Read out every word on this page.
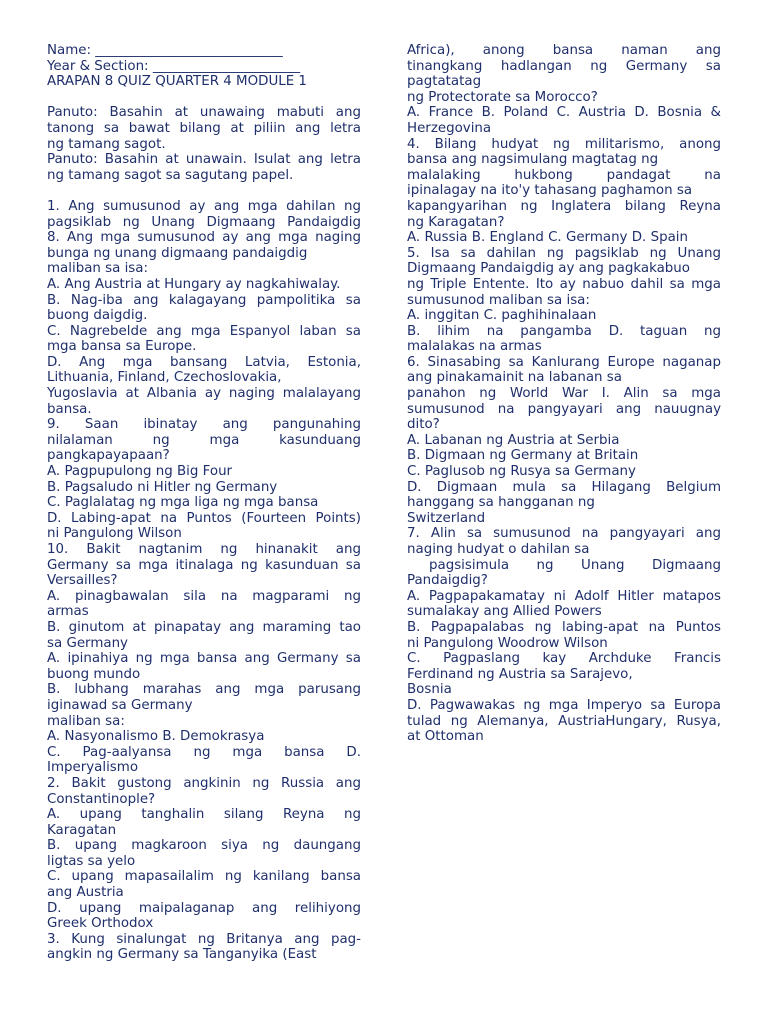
Name: ____________________________
Year & Section: ______________________
ARAPAN 8 QUIZ QUARTER 4 MODULE 1
Panuto: Basahin at unawaing mabuti ang
tanong sa bawat bilang at piliin ang letra
ng tamang sagot.
Panuto: Basahin at unawain. Isulat ang letra
ng tamang sagot sa sagutang papel.
1. Ang sumusunod ay ang mga dahilan ng
pagsiklab ng Unang Digmaang Pandaigdig
8. Ang mga sumusunod ay ang mga naging
bunga ng unang digmaang pandaigdig
maliban sa isa:
A. Ang Austria at Hungary ay nagkahiwalay.
B. Nag-iba ang kalagayang pampolitika sa
buong daigdig.
C. Nagrebelde ang mga Espanyol laban sa
mga bansa sa Europe.
D. Ang mga bansang Latvia, Estonia,
Lithuania, Finland, Czechoslovakia,
Yugoslavia at Albania ay naging malalayang
bansa.
9. Saan ibinatay ang pangunahing
nilalaman ng mga kasunduang
pangkapayapaan?
A. Pagpupulong ng Big Four
B. Pagsaludo ni Hitler ng Germany
C. Paglalatag ng mga liga ng mga bansa
D. Labing-apat na Puntos (Fourteen Points)
ni Pangulong Wilson
10. Bakit nagtanim ng hinanakit ang
Germany sa mga itinalaga ng kasunduan sa
Versailles?
A. pinagbawalan sila na magparami ng
armas
B. ginutom at pinapatay ang maraming tao
sa Germany
A. ipinahiya ng mga bansa ang Germany sa
buong mundo
B. lubhang marahas ang mga parusang
iginawad sa Germany
maliban sa:
A. Nasyonalismo B. Demokrasya
C. Pag-aalyansa ng mga bansa D.
Imperyalismo
2. Bakit gustong angkinin ng Russia ang
Constantinople?
A. upang tanghalin silang Reyna ng
Karagatan
B. upang magkaroon siya ng daungang
ligtas sa yelo
C. upang mapasailalim ng kanilang bansa
ang Austria
D. upang maipalaganap ang relihiyong
Greek Orthodox
3. Kung sinalungat ng Britanya ang pag-
angkin ng Germany sa Tanganyika (East
Africa), anong bansa naman ang
tinangkang hadlangan ng Germany sa
pagtatatag
ng Protectorate sa Morocco?
A. France B. Poland C. Austria D. Bosnia &
Herzegovina
4. Bilang hudyat ng militarismo, anong
bansa ang nagsimulang magtatag ng
malalaking hukbong pandagat na
ipinalagay na ito'y tahasang paghamon sa
kapangyarihan ng Inglatera bilang Reyna
ng Karagatan?
A. Russia B. England C. Germany D. Spain
5. Isa sa dahilan ng pagsiklab ng Unang
Digmaang Pandaigdig ay ang pagkakabuo
ng Triple Entente. Ito ay nabuo dahil sa mga
sumusunod maliban sa isa:
A. inggitan C. paghihinalaan
B. lihim na pangamba D. taguan ng
malalakas na armas
6. Sinasabing sa Kanlurang Europe naganap
ang pinakamainit na labanan sa
panahon ng World War I. Alin sa mga
sumusunod na pangyayari ang nauugnay
dito?
A. Labanan ng Austria at Serbia
B. Digmaan ng Germany at Britain
C. Paglusob ng Rusya sa Germany
D. Digmaan mula sa Hilagang Belgium
hanggang sa hangganan ng
Switzerland
7. Alin sa sumusunod na pangyayari ang
naging hudyat o dahilan sa
pagsisimula ng Unang Digmaang
Pandaigdig?
A. Pagpapakamatay ni Adolf Hitler matapos
sumalakay ang Allied Powers
B. Pagpapalabas ng labing-apat na Puntos
ni Pangulong Woodrow Wilson
C. Pagpaslang kay Archduke Francis
Ferdinand ng Austria sa Sarajevo,
Bosnia
D. Pagwawakas ng mga Imperyo sa Europa
tulad ng Alemanya, AustriaHungary, Rusya,
at Ottoman
